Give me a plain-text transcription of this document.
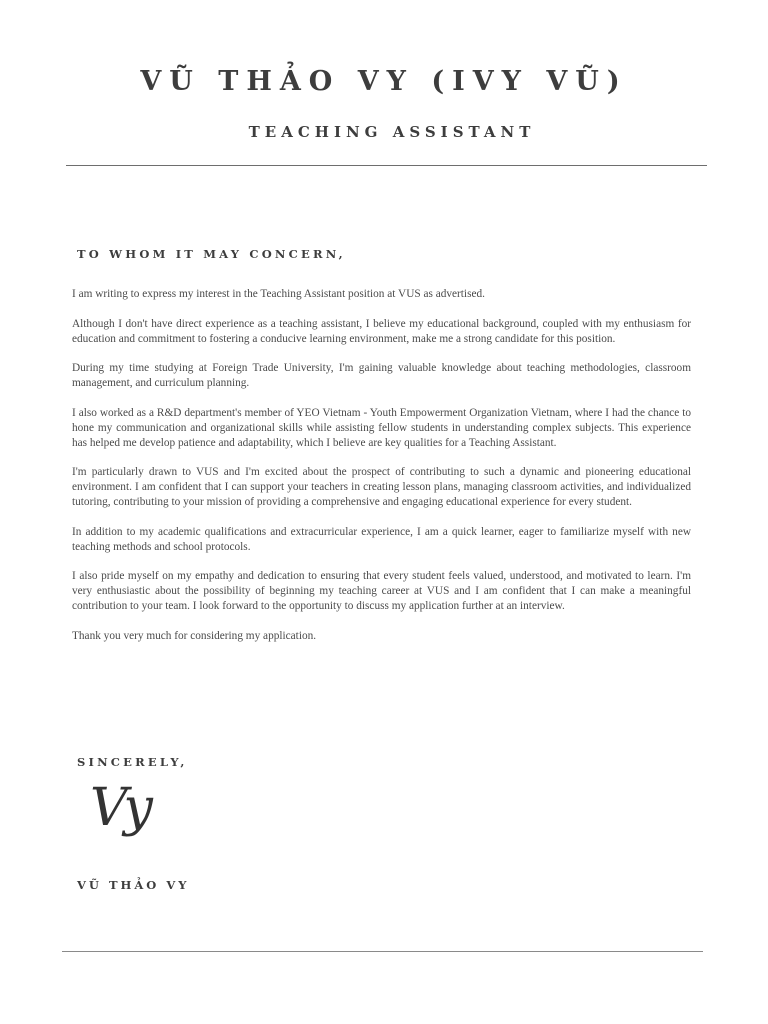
VŨ THẢO VY (IVY VŨ)
TEACHING ASSISTANT
TO WHOM IT MAY CONCERN,

I am writing to express my interest in the Teaching Assistant position at VUS as advertised.

Although I don't have direct experience as a teaching assistant, I believe my educational background, coupled with my enthusiasm for education and commitment to fostering a conducive learning environment, make me a strong candidate for this position.

During my time studying at Foreign Trade University, I'm gaining valuable knowledge about teaching methodologies, classroom management, and curriculum planning.

I also worked as a R&D department's member of YEO Vietnam - Youth Empowerment Organization Vietnam, where I had the chance to hone my communication and organizational skills while assisting fellow students in understanding complex subjects. This experience has helped me develop patience and adaptability, which I believe are key qualities for a Teaching Assistant.

I'm particularly drawn to VUS and I'm excited about the prospect of contributing to such a dynamic and pioneering educational environment. I am confident that I can support your teachers in creating lesson plans, managing classroom activities, and individualized tutoring, contributing to your mission of providing a comprehensive and engaging educational experience for every student.

In addition to my academic qualifications and extracurricular experience, I am a quick learner, eager to familiarize myself with new teaching methods and school protocols.

I also pride myself on my empathy and dedication to ensuring that every student feels valued, understood, and motivated to learn. I'm very enthusiastic about the possibility of beginning my teaching career at VUS and I am confident that I can make a meaningful contribution to your team. I look forward to the opportunity to discuss my application further at an interview.

Thank you very much for considering my application.

SINCERELY,
Vy
VŨ THẢO VY
